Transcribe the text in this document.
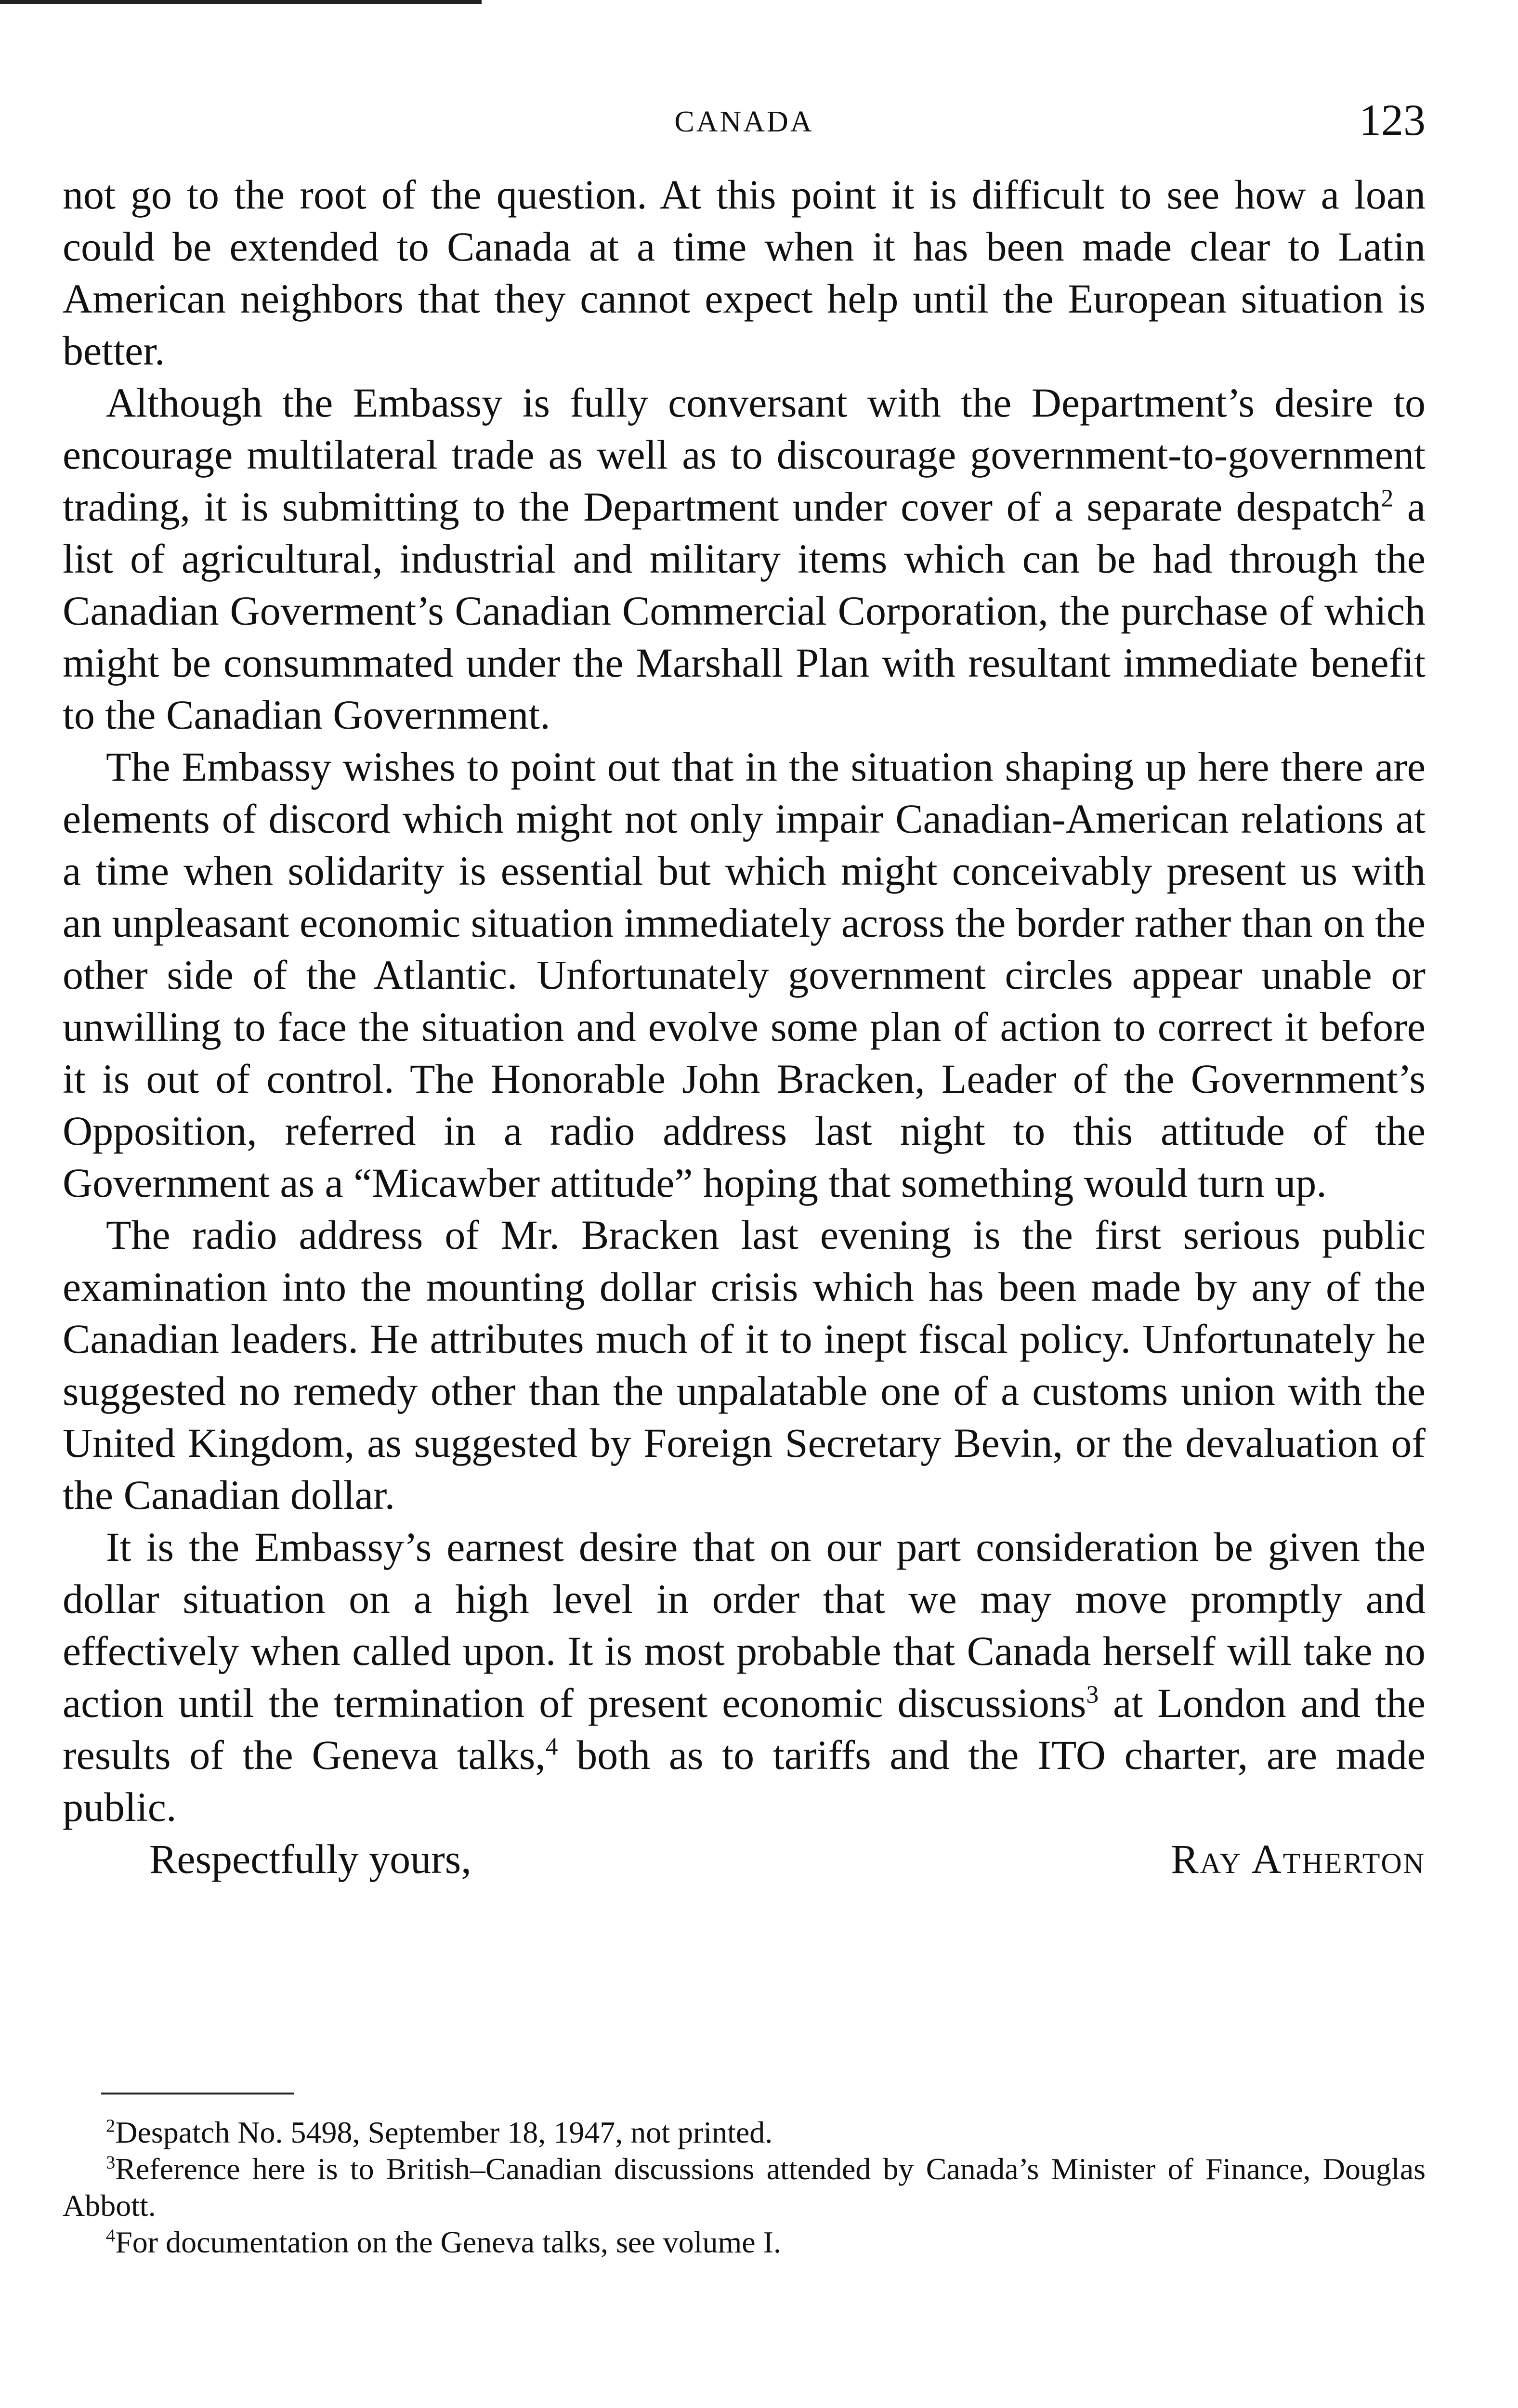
CANADA	123

not go to the root of the question. At this point it is difficult to see how a loan could be extended to Canada at a time when it has been made clear to Latin American neighbors that they cannot expect help until the European situation is better.

Although the Embassy is fully conversant with the Department’s desire to encourage multilateral trade as well as to discourage government-to-government trading, it is submitting to the Department under cover of a separate despatch$^2$ a list of agricultural, industrial and military items which can be had through the Canadian Goverment’s Canadian Commercial Corporation, the purchase of which might be consummated under the Marshall Plan with resultant immediate benefit to the Canadian Government.

The Embassy wishes to point out that in the situation shaping up here there are elements of discord which might not only impair Canadian-American relations at a time when solidarity is essential but which might conceivably present us with an unpleasant economic situation immediately across the border rather than on the other side of the Atlantic. Unfortunately government circles appear unable or unwilling to face the situation and evolve some plan of action to correct it before it is out of control. The Honorable John Bracken, Leader of the Government’s Opposition, referred in a radio address last night to this attitude of the Government as a “Micawber attitude” hoping that something would turn up.

The radio address of Mr. Bracken last evening is the first serious public examination into the mounting dollar crisis which has been made by any of the Canadian leaders. He attributes much of it to inept fiscal policy. Unfortunately he suggested no remedy other than the unpalatable one of a customs union with the United Kingdom, as suggested by Foreign Secretary Bevin, or the devaluation of the Canadian dollar.

It is the Embassy’s earnest desire that on our part consideration be given the dollar situation on a high level in order that we may move promptly and effectively when called upon. It is most probable that Canada herself will take no action until the termination of present economic discussions$^3$ at London and the results of the Geneva talks,$^4$ both as to tariffs and the ITO charter, are made public.

Respectfully yours,	Ray Atherton

$^2$Despatch No. 5498, September 18, 1947, not printed.

$^3$Reference here is to British–Canadian discussions attended by Canada’s Minister of Finance, Douglas Abbott.

$^4$For documentation on the Geneva talks, see volume I.
